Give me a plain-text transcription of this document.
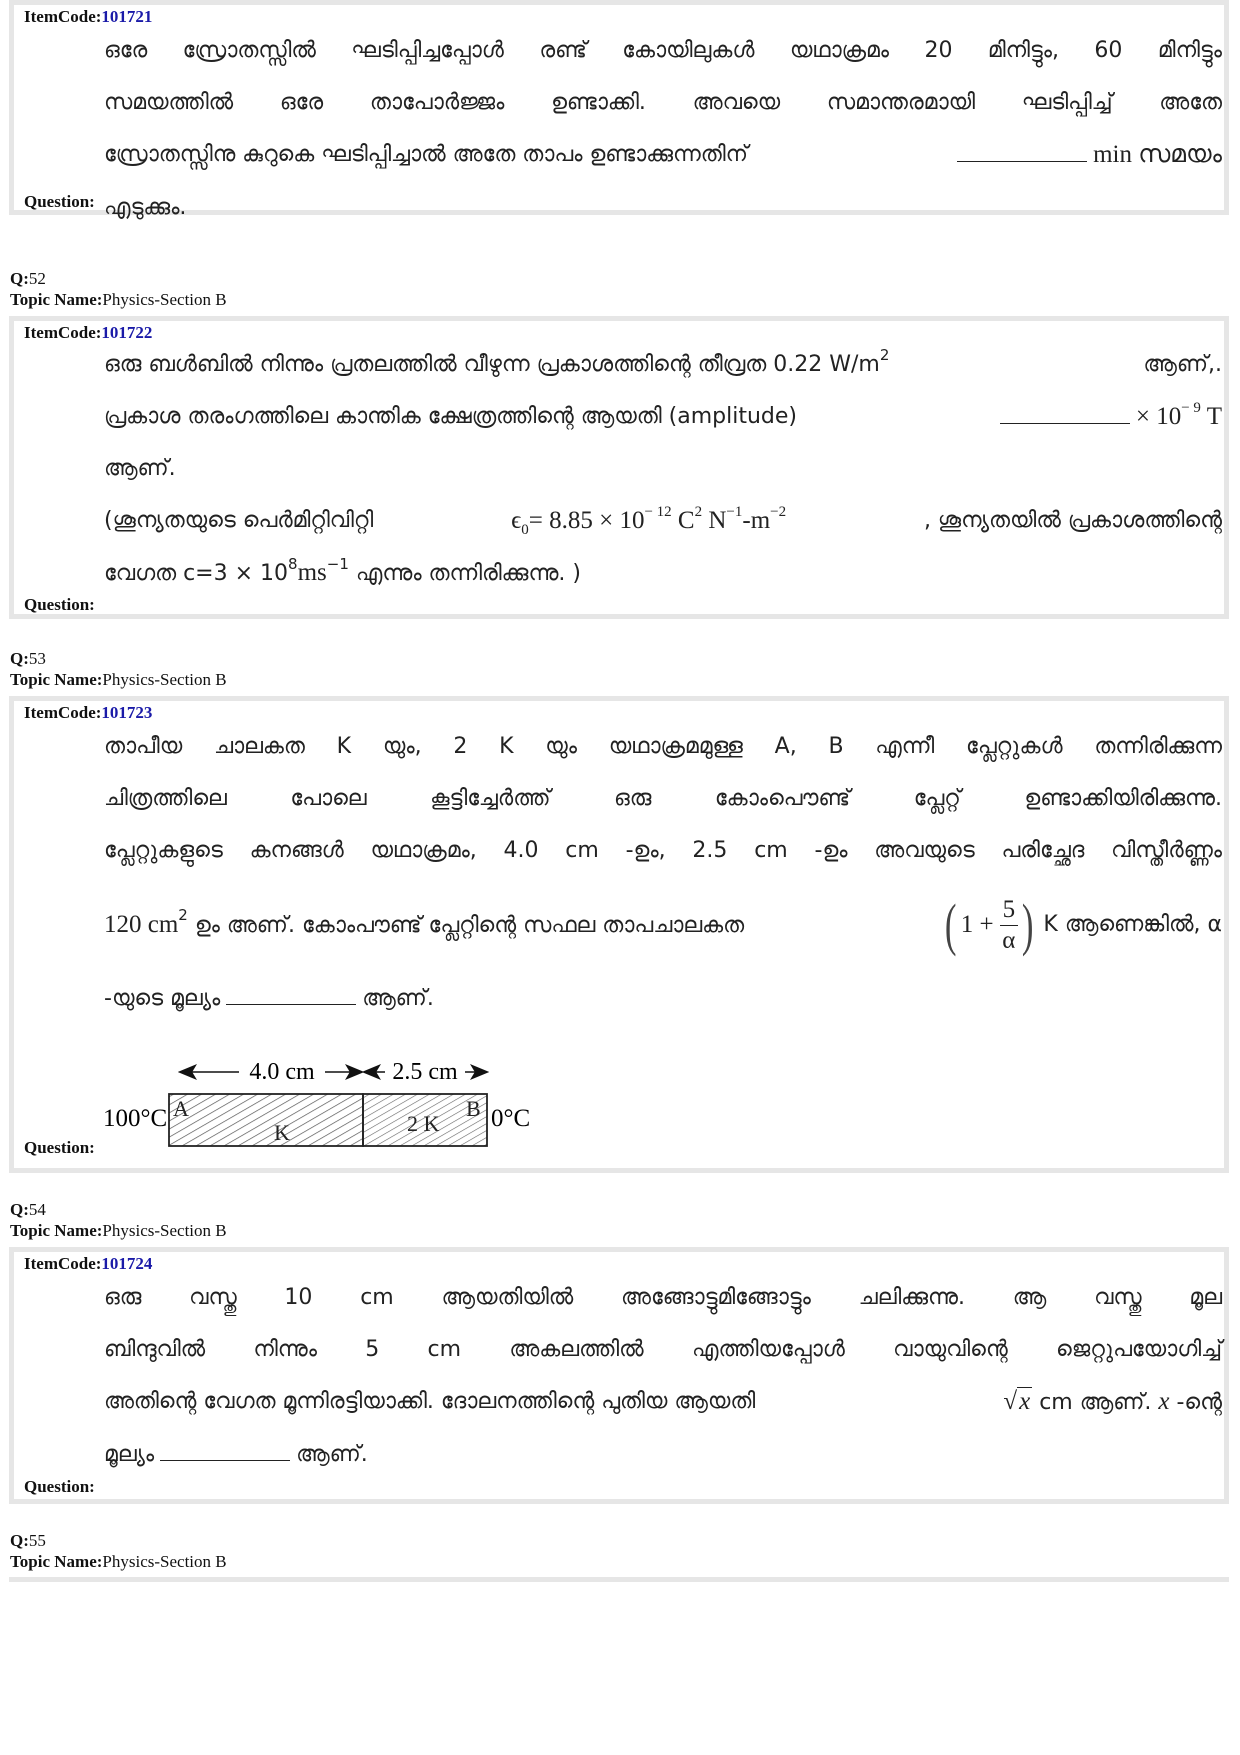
ItemCode:101721
ഒരേ സ്രോതസ്സിൽ ഘടിപ്പിച്ചപ്പോൾ രണ്ട് കോയിലുകൾ യഥാക്രമം 20 മിനിട്ടും, 60 മിനിട്ടും
സമയത്തിൽ ഒരേ താപോർജ്ജം ഉണ്ടാക്കി. അവയെ സമാന്തരമായി ഘടിപ്പിച്ച് അതേ
സ്രോതസ്സിനു കുറുകെ ഘടിപ്പിച്ചാൽ അതേ താപം ഉണ്ടാക്കുന്നതിന്	min സമയം
എടുക്കും.
Question:
Q:52
Topic Name:Physics-Section B
ItemCode:101722
ഒരു ബൾബിൽ നിന്നും പ്രതലത്തിൽ വീഴുന്ന പ്രകാശത്തിന്റെ തീവ്രത 0.22 $W/m^2$	ആണ്,.
പ്രകാശ തരംഗത്തിലെ കാന്തിക ക്ഷേത്രത്തിന്റെ ആയതി (amplitude)	× $10^{- 9}$ T
ആണ്.
(ശൂന്യതയുടെ പെർമിറ്റിവിറ്റി	$\epsilon_0= 8.85 \times 10^{- 12}$ $C^2$ $N^{-1}-m^{-2}$	, ശൂന്യതയിൽ പ്രകാശത്തിന്റെ
വേഗത $c=3 \times 10^8ms^{-1}$ എന്നും തന്നിരിക്കുന്നു. )
Question:
Q:53
Topic Name:Physics-Section B
ItemCode:101723
താപീയ ചാലകത K യും, 2 K യും യഥാക്രമമുള്ള A, B എന്നീ പ്ലേറ്റുകൾ തന്നിരിക്കുന്ന
ചിത്രത്തിലെ പോലെ കൂട്ടിച്ചേർത്ത് ഒരു കോംപൌണ്ട് പ്ലേറ്റ് ഉണ്ടാക്കിയിരിക്കുന്നു.
പ്ലേറ്റുകളുടെ കനങ്ങൾ യഥാക്രമം, 4.0 cm -ഉം, 2.5 cm -ഉം അവയുടെ പരിച്ഛേദ വിസ്തീർണ്ണം
120 $cm^2$ ഉം അണ്. കോംപൗണ്ട് പ്ലേറ്റിന്റെ സഫല താപചാലകത	( $1 + \frac{5}{\alpha}$ ) K ആണെങ്കിൽ, α
-യുടെ മൂല്യം	ആണ്.
4.0 cm	2.5 cm
100°C	0°C
A	B
K	2 K
Question:
Q:54
Topic Name:Physics-Section B
ItemCode:101724
ഒരു വസ്തു 10 cm ആയതിയിൽ അങ്ങോട്ടുമിങ്ങോട്ടും ചലിക്കുന്നു. ആ വസ്തു മൂല
ബിന്ദുവിൽ നിന്നും 5 cm അകലത്തിൽ എത്തിയപ്പോൾ വായുവിന്റെ ജെറ്റുപയോഗിച്ച്
അതിന്റെ വേഗത മൂന്നിരട്ടിയാക്കി. ദോലനത്തിന്റെ പുതിയ ആയതി	√x cm ആണ്. x -ന്റെ
മൂല്യം	ആണ്.
Question:
Q:55
Topic Name:Physics-Section B
